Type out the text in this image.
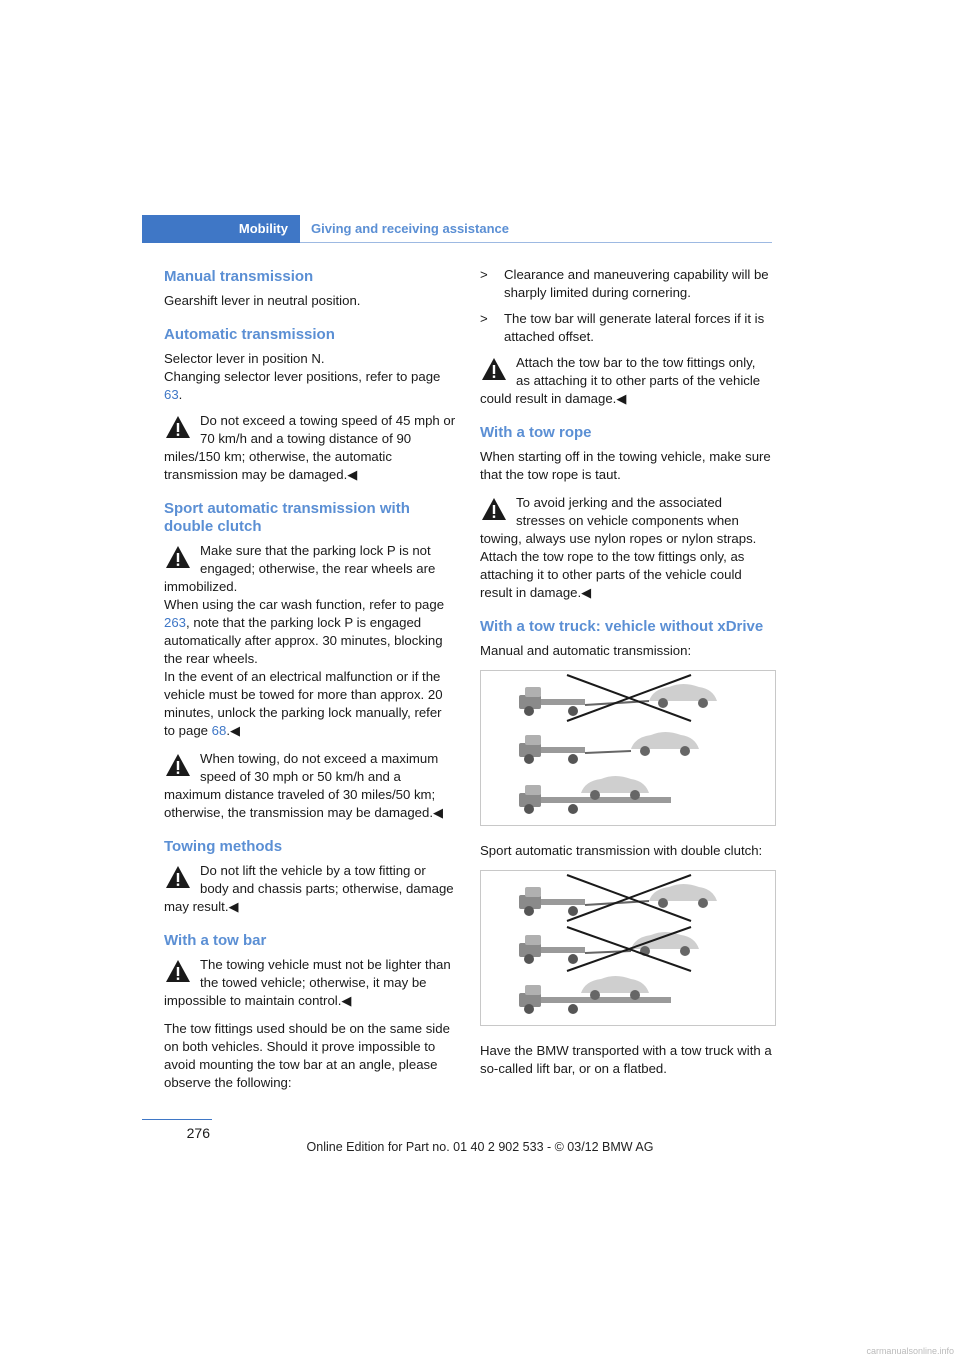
Mobility	Giving and receiving assistance
Manual transmission

Gearshift lever in neutral position.

Automatic transmission

Selector lever in position N.
Changing selector lever positions, refer to page 63.

Do not exceed a towing speed of 45 mph or 70 km/h and a towing distance of 90 miles/150 km; otherwise, the automatic transmission may be damaged.◀
Sport automatic transmission with double clutch
Make sure that the parking lock P is not engaged; otherwise, the rear wheels are immobilized.
When using the car wash function, refer to page 263, note that the parking lock P is engaged automatically after approx. 30 minutes, blocking the rear wheels.
In the event of an electrical malfunction or if the vehicle must be towed for more than approx. 20 minutes, unlock the parking lock manually, refer to page 68.◀
When towing, do not exceed a maximum speed of 30 mph or 50 km/h and a maximum distance traveled of 30 miles/50 km; otherwise, the transmission may be damaged.◀
Towing methods
Do not lift the vehicle by a tow fitting or body and chassis parts; otherwise, damage may result.◀
With a tow bar
The towing vehicle must not be lighter than the towed vehicle; otherwise, it may be impossible to maintain control.◀

The tow fittings used should be on the same side on both vehicles. Should it prove impossible to avoid mounting the tow bar at an angle, please observe the following:

> Clearance and maneuvering capability will be sharply limited during cornering.
> The tow bar will generate lateral forces if it is attached offset.
Attach the tow bar to the tow fittings only, as attaching it to other parts of the vehicle could result in damage.◀
With a tow rope

When starting off in the towing vehicle, make sure that the tow rope is taut.

To avoid jerking and the associated stresses on vehicle components when towing, always use nylon ropes or nylon straps. Attach the tow rope to the tow fittings only, as attaching it to other parts of the vehicle could result in damage.◀
With a tow truck: vehicle without xDrive

Manual and automatic transmission:

Sport automatic transmission with double clutch:

Have the BMW transported with a tow truck with a so-called lift bar, or on a flatbed.

276
Online Edition for Part no. 01 40 2 902 533 - © 03/12 BMW AG
carmanualsonline.info
